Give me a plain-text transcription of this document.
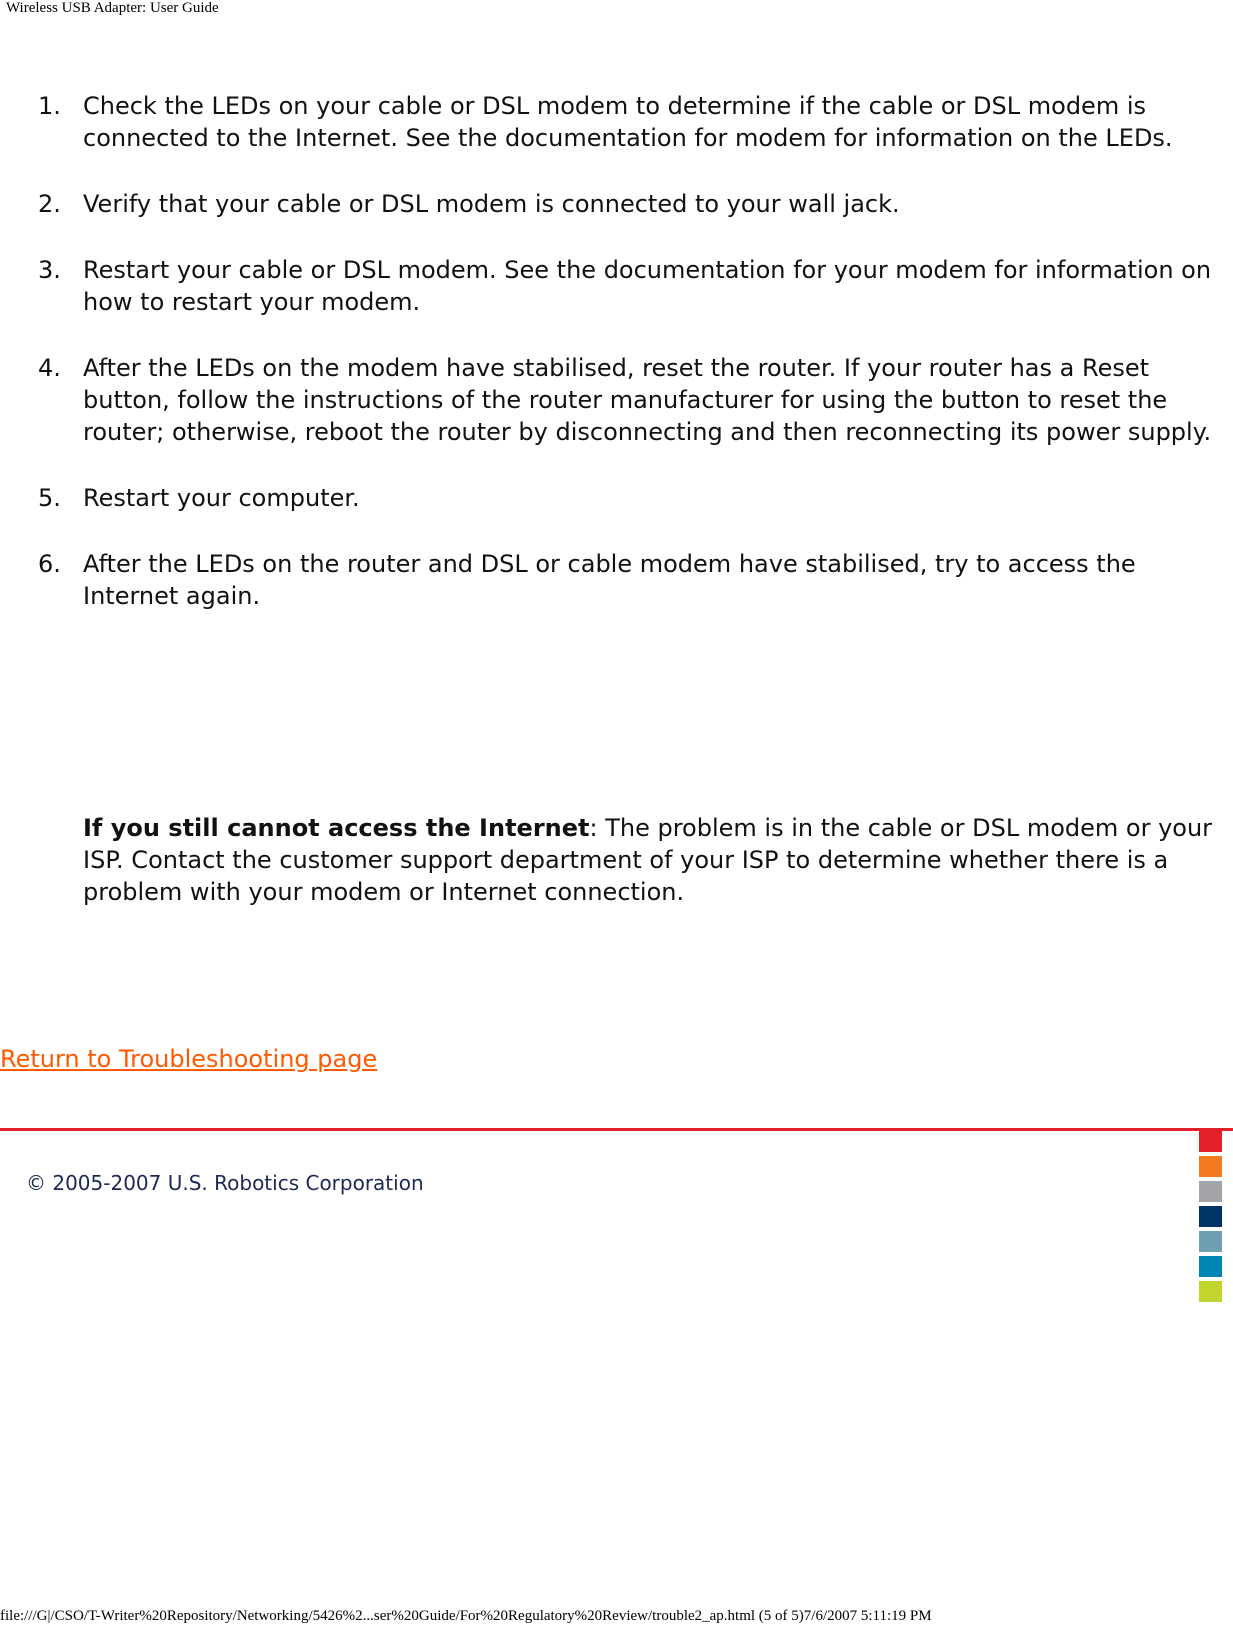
Wireless USB Adapter: User Guide
1. Check the LEDs on your cable or DSL modem to determine if the cable or DSL modem is connected to the Internet. See the documentation for modem for information on the LEDs.
2. Verify that your cable or DSL modem is connected to your wall jack.
3. Restart your cable or DSL modem. See the documentation for your modem for information on how to restart your modem.
4. After the LEDs on the modem have stabilised, reset the router. If your router has a Reset button, follow the instructions of the router manufacturer for using the button to reset the router; otherwise, reboot the router by disconnecting and then reconnecting its power supply.
5. Restart your computer.
6. After the LEDs on the router and DSL or cable modem have stabilised, try to access the Internet again.
If you still cannot access the Internet: The problem is in the cable or DSL modem or your ISP. Contact the customer support department of your ISP to determine whether there is a problem with your modem or Internet connection.
Return to Troubleshooting page
© 2005-2007 U.S. Robotics Corporation
file:///G|/CSO/T-Writer%20Repository/Networking/5426%2...ser%20Guide/For%20Regulatory%20Review/trouble2_ap.html (5 of 5)7/6/2007 5:11:19 PM
